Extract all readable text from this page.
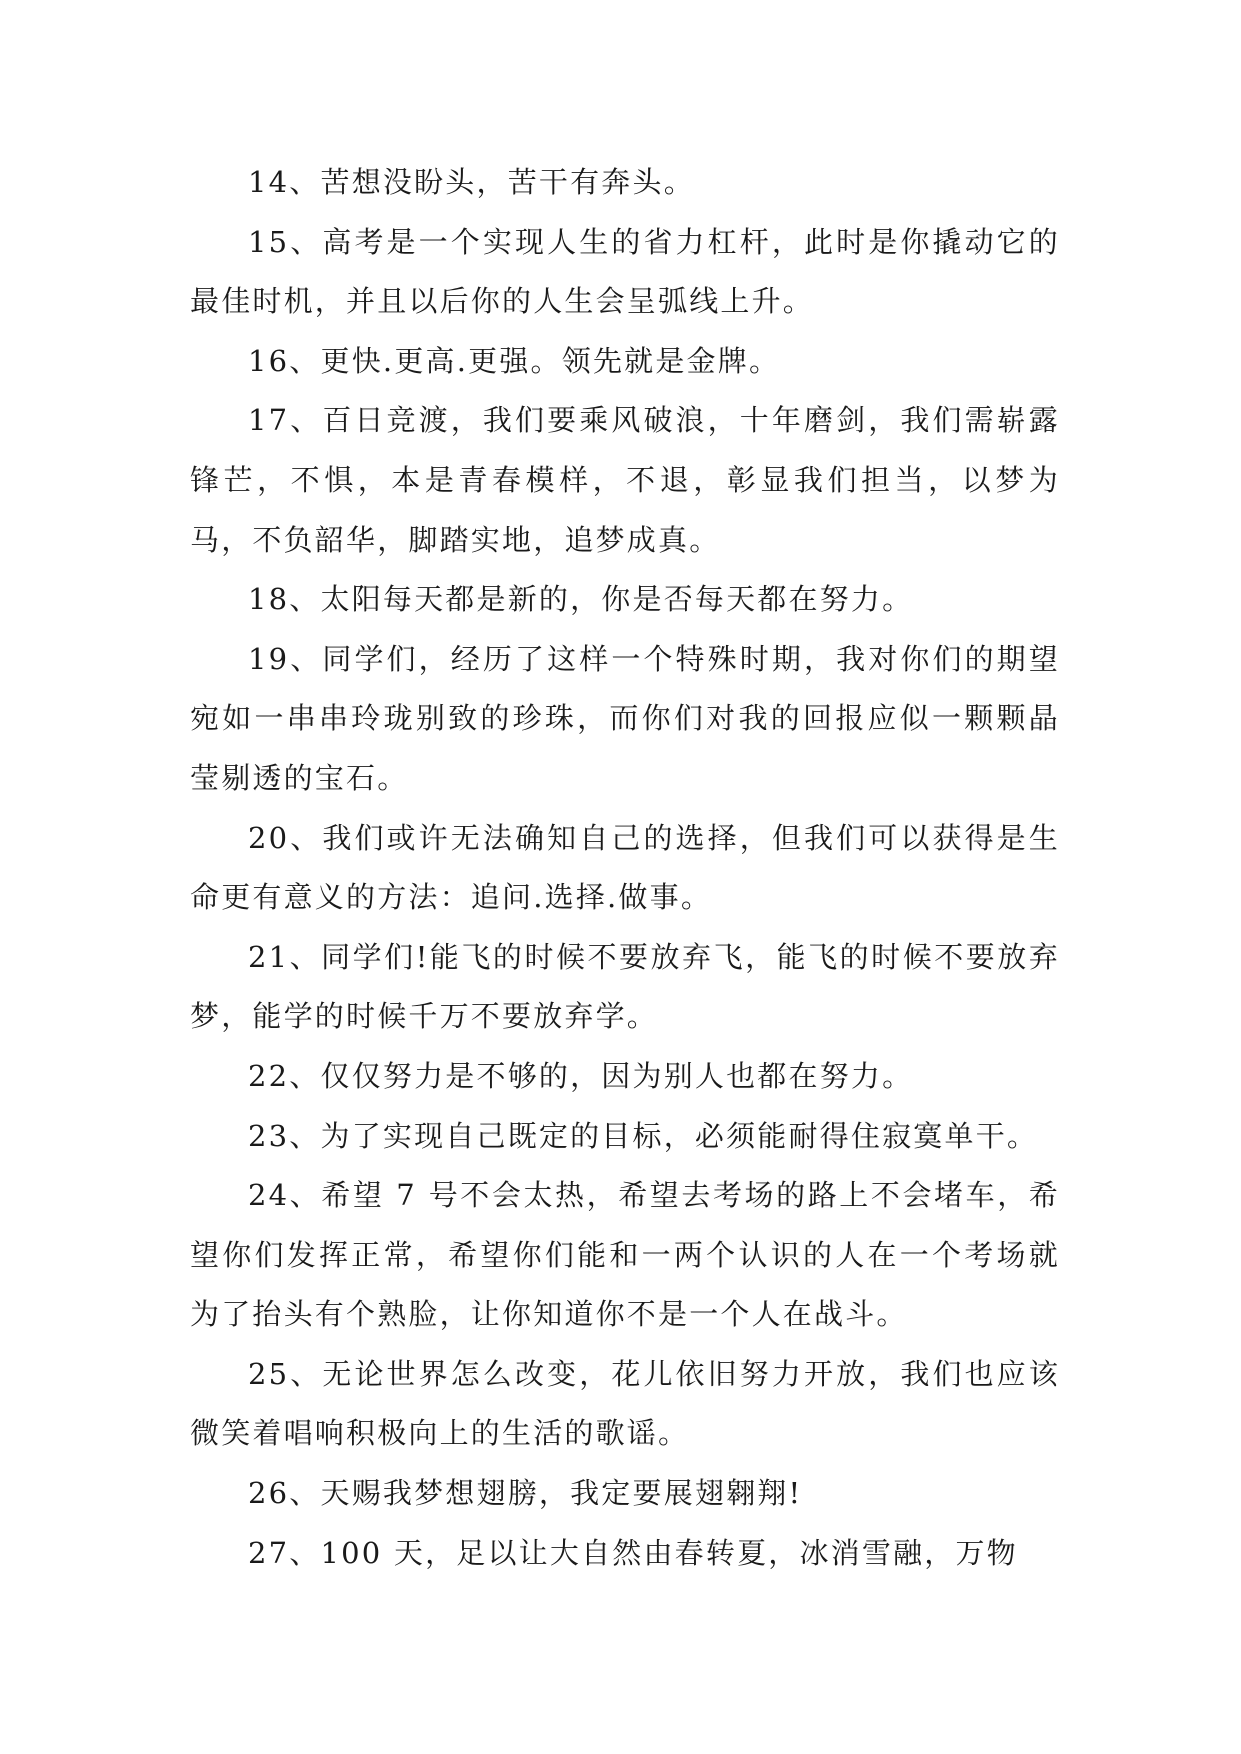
14、苦想没盼头，苦干有奔头。

15、高考是一个实现人生的省力杠杆，此时是你撬动它的最佳时机，并且以后你的人生会呈弧线上升。

16、更快.更高.更强。领先就是金牌。

17、百日竞渡，我们要乘风破浪，十年磨剑，我们需崭露锋芒，不惧，本是青春模样，不退，彰显我们担当，以梦为马，不负韶华，脚踏实地，追梦成真。

18、太阳每天都是新的，你是否每天都在努力。

19、同学们，经历了这样一个特殊时期，我对你们的期望宛如一串串玲珑别致的珍珠，而你们对我的回报应似一颗颗晶莹剔透的宝石。

20、我们或许无法确知自己的选择，但我们可以获得是生命更有意义的方法：追问.选择.做事。

21、同学们!能飞的时候不要放弃飞，能飞的时候不要放弃梦，能学的时候千万不要放弃学。

22、仅仅努力是不够的，因为别人也都在努力。

23、为了实现自己既定的目标，必须能耐得住寂寞单干。

24、希望 7 号不会太热，希望去考场的路上不会堵车，希望你们发挥正常，希望你们能和一两个认识的人在一个考场就为了抬头有个熟脸，让你知道你不是一个人在战斗。

25、无论世界怎么改变，花儿依旧努力开放，我们也应该微笑着唱响积极向上的生活的歌谣。

26、天赐我梦想翅膀，我定要展翅翱翔!

27、100 天，足以让大自然由春转夏，冰消雪融，万物
